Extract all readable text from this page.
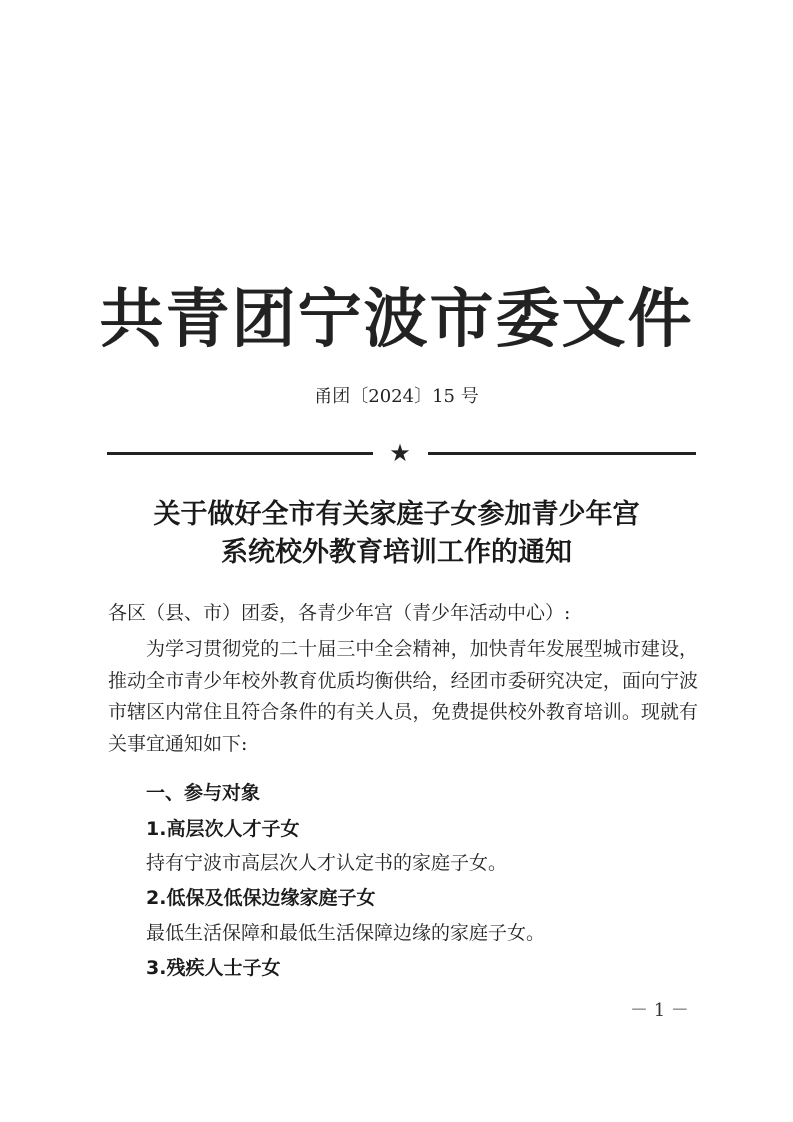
共青团宁波市委文件
甬团〔2024〕15 号
★
关于做好全市有关家庭子女参加青少年宫
系统校外教育培训工作的通知
各区（县、市）团委，各青少年宫（青少年活动中心）:
为学习贯彻党的二十届三中全会精神，加快青年发展型城市建设，推动全市青少年校外教育优质均衡供给，经团市委研究决定，面向宁波市辖区内常住且符合条件的有关人员，免费提供校外教育培训。现就有关事宜通知如下:
一、参与对象
1.高层次人才子女
持有宁波市高层次人才认定书的家庭子女。
2.低保及低保边缘家庭子女
最低生活保障和最低生活保障边缘的家庭子女。
3.残疾人士子女
－ 1 －
